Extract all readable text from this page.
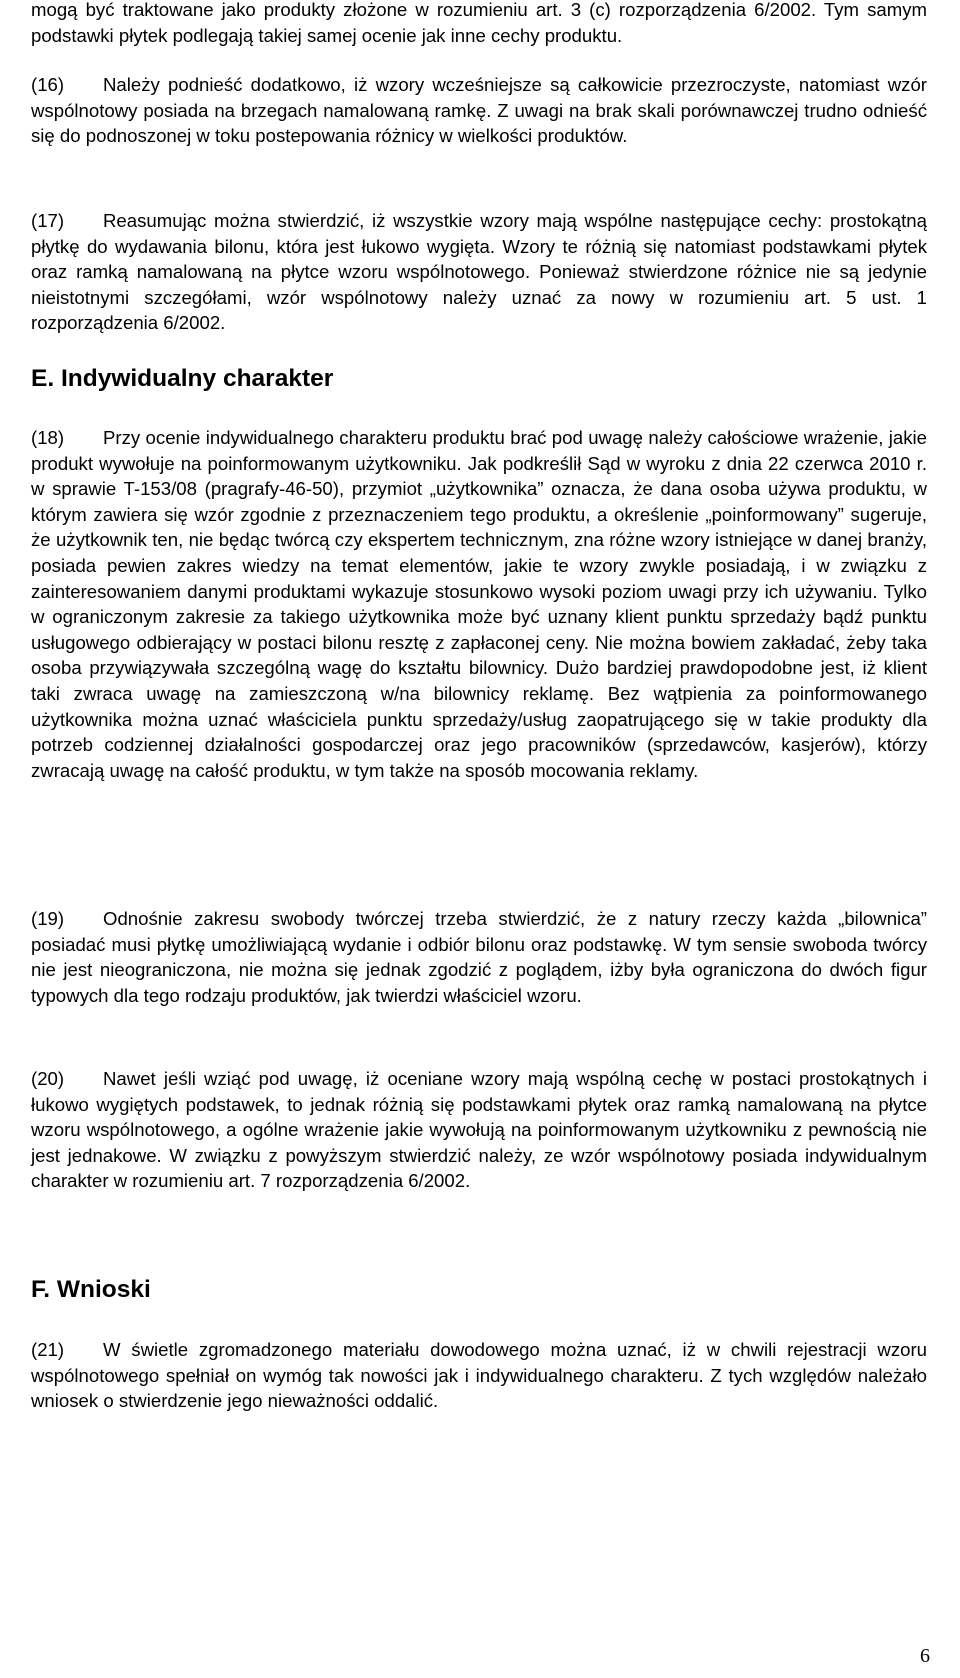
mogą być traktowane jako produkty złożone w rozumieniu art. 3 (c) rozporządzenia 6/2002. Tym samym podstawki płytek podlegają takiej samej ocenie jak inne cechy produktu.

(16) Należy podnieść dodatkowo, iż wzory wcześniejsze są całkowicie przezroczyste, natomiast wzór wspólnotowy posiada na brzegach namalowaną ramkę. Z uwagi na brak skali porównawczej trudno odnieść się do podnoszonej w toku postepowania różnicy w wielkości produktów.

(17) Reasumując można stwierdzić, iż wszystkie wzory mają wspólne następujące cechy: prostokątną płytkę do wydawania bilonu, która jest łukowo wygięta. Wzory te różnią się natomiast podstawkami płytek oraz ramką namalowaną na płytce wzoru wspólnotowego. Ponieważ stwierdzone różnice nie są jedynie nieistotnymi szczegółami, wzór wspólnotowy należy uznać za nowy w rozumieniu art. 5 ust. 1 rozporządzenia 6/2002.

E. Indywidualny charakter

(18) Przy ocenie indywidualnego charakteru produktu brać pod uwagę należy całościowe wrażenie, jakie produkt wywołuje na poinformowanym użytkowniku. Jak podkreślił Sąd w wyroku z dnia 22 czerwca 2010 r. w sprawie T-153/08 (pragrafy-46-50), przymiot „użytkownika” oznacza, że dana osoba używa produktu, w którym zawiera się wzór zgodnie z przeznaczeniem tego produktu, a określenie „poinformowany” sugeruje, że użytkownik ten, nie będąc twórcą czy ekspertem technicznym, zna różne wzory istniejące w danej branży, posiada pewien zakres wiedzy na temat elementów, jakie te wzory zwykle posiadają, i w związku z zainteresowaniem danymi produktami wykazuje stosunkowo wysoki poziom uwagi przy ich używaniu. Tylko w ograniczonym zakresie za takiego użytkownika może być uznany klient punktu sprzedaży bądź punktu usługowego odbierający w postaci bilonu resztę z zapłaconej ceny. Nie można bowiem zakładać, żeby taka osoba przywiązywała szczególną wagę do kształtu bilownicy. Dużo bardziej prawdopodobne jest, iż klient taki zwraca uwagę na zamieszczoną w/na bilownicy reklamę. Bez wątpienia za poinformowanego użytkownika można uznać właściciela punktu sprzedaży/usług zaopatrującego się w takie produkty dla potrzeb codziennej działalności gospodarczej oraz jego pracowników (sprzedawców, kasjerów), którzy zwracają uwagę na całość produktu, w tym także na sposób mocowania reklamy.

(19) Odnośnie zakresu swobody twórczej trzeba stwierdzić, że z natury rzeczy każda „bilownica” posiadać musi płytkę umożliwiającą wydanie i odbiór bilonu oraz podstawkę. W tym sensie swoboda twórcy nie jest nieograniczona, nie można się jednak zgodzić z poglądem, iżby była ograniczona do dwóch figur typowych dla tego rodzaju produktów, jak twierdzi właściciel wzoru.

(20) Nawet jeśli wziąć pod uwagę, iż oceniane wzory mają wspólną cechę w postaci prostokątnych i łukowo wygiętych podstawek, to jednak różnią się podstawkami płytek oraz ramką namalowaną na płytce wzoru wspólnotowego, a ogólne wrażenie jakie wywołują na poinformowanym użytkowniku z pewnością nie jest jednakowe. W związku z powyższym stwierdzić należy, ze wzór wspólnotowy posiada indywidualnym charakter w rozumieniu art. 7 rozporządzenia 6/2002.

F. Wnioski

(21) W świetle zgromadzonego materiału dowodowego można uznać, iż w chwili rejestracji wzoru wspólnotowego spełniał on wymóg tak nowości jak i indywidualnego charakteru. Z tych względów należało wniosek o stwierdzenie jego nieważności oddalić.

6
